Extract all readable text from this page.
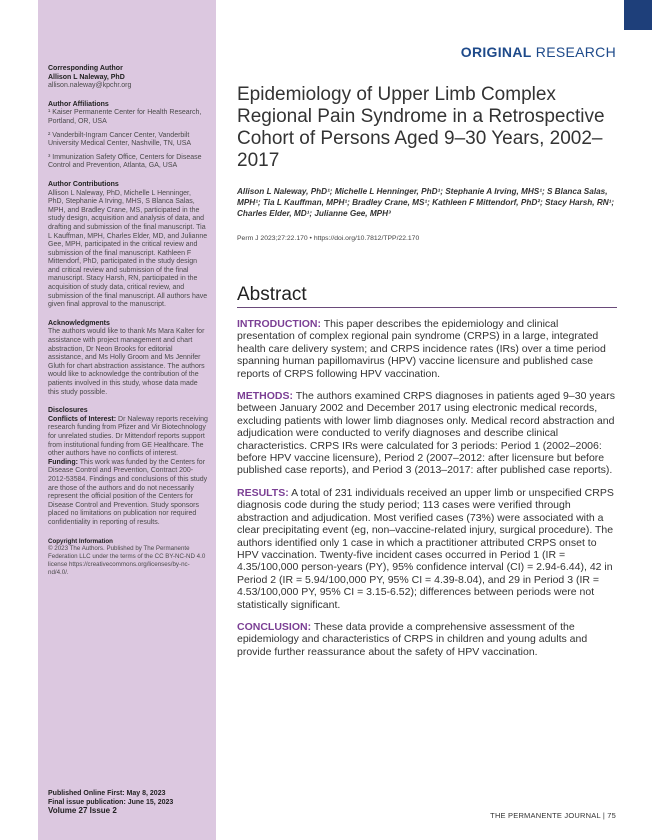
Corresponding Author
Allison L Naleway, PhD
allison.naleway@kpchr.org
Author Affiliations
¹ Kaiser Permanente Center for Health Research, Portland, OR, USA
² Vanderbilt-Ingram Cancer Center, Vanderbilt University Medical Center, Nashville, TN, USA
³ Immunization Safety Office, Centers for Disease Control and Prevention, Atlanta, GA, USA
Author Contributions
Allison L Naleway, PhD, Michelle L Henninger, PhD, Stephanie A Irving, MHS, S Blanca Salas, MPH, and Bradley Crane, MS, participated in the study design, acquisition and analysis of data, and drafting and submission of the final manuscript. Tia L Kauffman, MPH, Charles Elder, MD, and Julianne Gee, MPH, participated in the critical review and submission of the final manuscript. Kathleen F Mittendorf, PhD, participated in the study design and critical review and submission of the final manuscript. Stacy Harsh, RN, participated in the acquisition of study data, critical review, and submission of the final manuscript. All authors have given final approval to the manuscript.
Acknowledgments
The authors would like to thank Ms Mara Kalter for assistance with project management and chart abstraction, Dr Neon Brooks for editorial assistance, and Ms Holly Groom and Ms Jennifer Gluth for chart abstraction assistance. The authors would like to acknowledge the contribution of the patients involved in this study, whose data made this study possible.
Disclosures
Conflicts of Interest: Dr Naleway reports receiving research funding from Pfizer and Vir Biotechnology for unrelated studies. Dr Mittendorf reports support from institutional funding from GE Healthcare. The other authors have no conflicts of interest.
Funding: This work was funded by the Centers for Disease Control and Prevention, Contract 200-2012-53584. Findings and conclusions of this study are those of the authors and do not necessarily represent the official position of the Centers for Disease Control and Prevention. Study sponsors placed no limitations on publication nor required confidentiality in reporting of results.
Copyright Information
© 2023 The Authors. Published by The Permanente Federation LLC under the terms of the CC BY-NC-ND 4.0 license https://creativecommons.org/licenses/by-nc-nd/4.0/.
Published Online First: May 8, 2023
Final issue publication: June 15, 2023
Volume 27 Issue 2
ORIGINAL RESEARCH
Epidemiology of Upper Limb Complex Regional Pain Syndrome in a Retrospective Cohort of Persons Aged 9–30 Years, 2002–2017
Allison L Naleway, PhD¹; Michelle L Henninger, PhD¹; Stephanie A Irving, MHS¹; S Blanca Salas, MPH¹; Tia L Kauffman, MPH¹; Bradley Crane, MS¹; Kathleen F Mittendorf, PhD²; Stacy Harsh, RN¹; Charles Elder, MD¹; Julianne Gee, MPH³
Perm J 2023;27:22.170 • https://doi.org/10.7812/TPP/22.170
Abstract

INTRODUCTION: This paper describes the epidemiology and clinical presentation of complex regional pain syndrome (CRPS) in a large, integrated health care delivery system; and CRPS incidence rates (IRs) over a time period spanning human papillomavirus (HPV) vaccine licensure and published case reports of CRPS following HPV vaccination.

METHODS: The authors examined CRPS diagnoses in patients aged 9–30 years between January 2002 and December 2017 using electronic medical records, excluding patients with lower limb diagnoses only. Medical record abstraction and adjudication were conducted to verify diagnoses and describe clinical characteristics. CRPS IRs were calculated for 3 periods: Period 1 (2002–2006: before HPV vaccine licensure), Period 2 (2007–2012: after licensure but before published case reports), and Period 3 (2013–2017: after published case reports).

RESULTS: A total of 231 individuals received an upper limb or unspecified CRPS diagnosis code during the study period; 113 cases were verified through abstraction and adjudication. Most verified cases (73%) were associated with a clear precipitating event (eg, non–vaccine-related injury, surgical procedure). The authors identified only 1 case in which a practitioner attributed CRPS onset to HPV vaccination. Twenty-five incident cases occurred in Period 1 (IR = 4.35/100,000 person-years (PY), 95% confidence interval (CI) = 2.94-6.44), 42 in Period 2 (IR = 5.94/100,000 PY, 95% CI = 4.39-8.04), and 29 in Period 3 (IR = 4.53/100,000 PY, 95% CI = 3.15-6.52); differences between periods were not statistically significant.

CONCLUSION: These data provide a comprehensive assessment of the epidemiology and characteristics of CRPS in children and young adults and provide further reassurance about the safety of HPV vaccination.

THE PERMANENTE JOURNAL | 75
